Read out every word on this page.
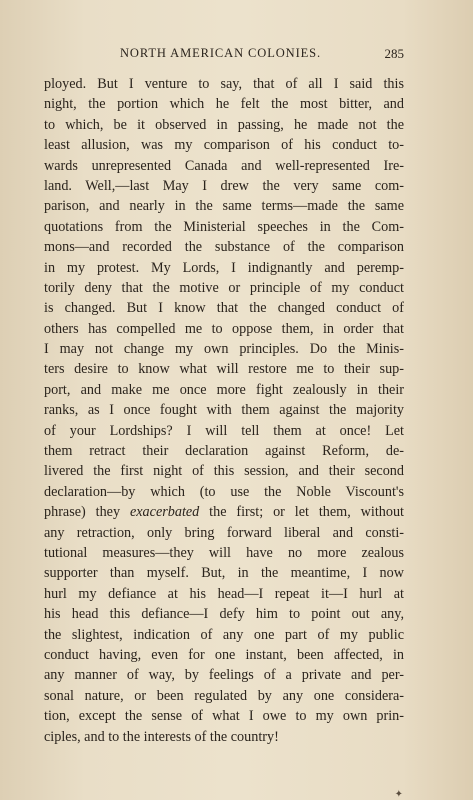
NORTH AMERICAN COLONIES.	285
ployed. But I venture to say, that of all I said this
night, the portion which he felt the most bitter, and
to which, be it observed in passing, he made not the
least allusion, was my comparison of his conduct to-
wards unrepresented Canada and well-represented Ire-
land. Well,—last May I drew the very same com-
parison, and nearly in the same terms—made the same
quotations from the Ministerial speeches in the Com-
mons—and recorded the substance of the comparison
in my protest. My Lords, I indignantly and peremp-
torily deny that the motive or principle of my conduct
is changed. But I know that the changed conduct of
others has compelled me to oppose them, in order that
I may not change my own principles. Do the Minis-
ters desire to know what will restore me to their sup-
port, and make me once more fight zealously in their
ranks, as I once fought with them against the majority
of your Lordships? I will tell them at once! Let
them retract their declaration against Reform, de-
livered the first night of this session, and their second
declaration—by which (to use the Noble Viscount's
phrase) they exacerbated the first; or let them, without
any retraction, only bring forward liberal and consti-
tutional measures—they will have no more zealous
supporter than myself. But, in the meantime, I now
hurl my defiance at his head—I repeat it—I hurl at
his head this defiance—I defy him to point out any,
the slightest, indication of any one part of my public
conduct having, even for one instant, been affected, in
any manner of way, by feelings of a private and per-
sonal nature, or been regulated by any one considera-
tion, except the sense of what I owe to my own prin-
ciples, and to the interests of the country!
✦
